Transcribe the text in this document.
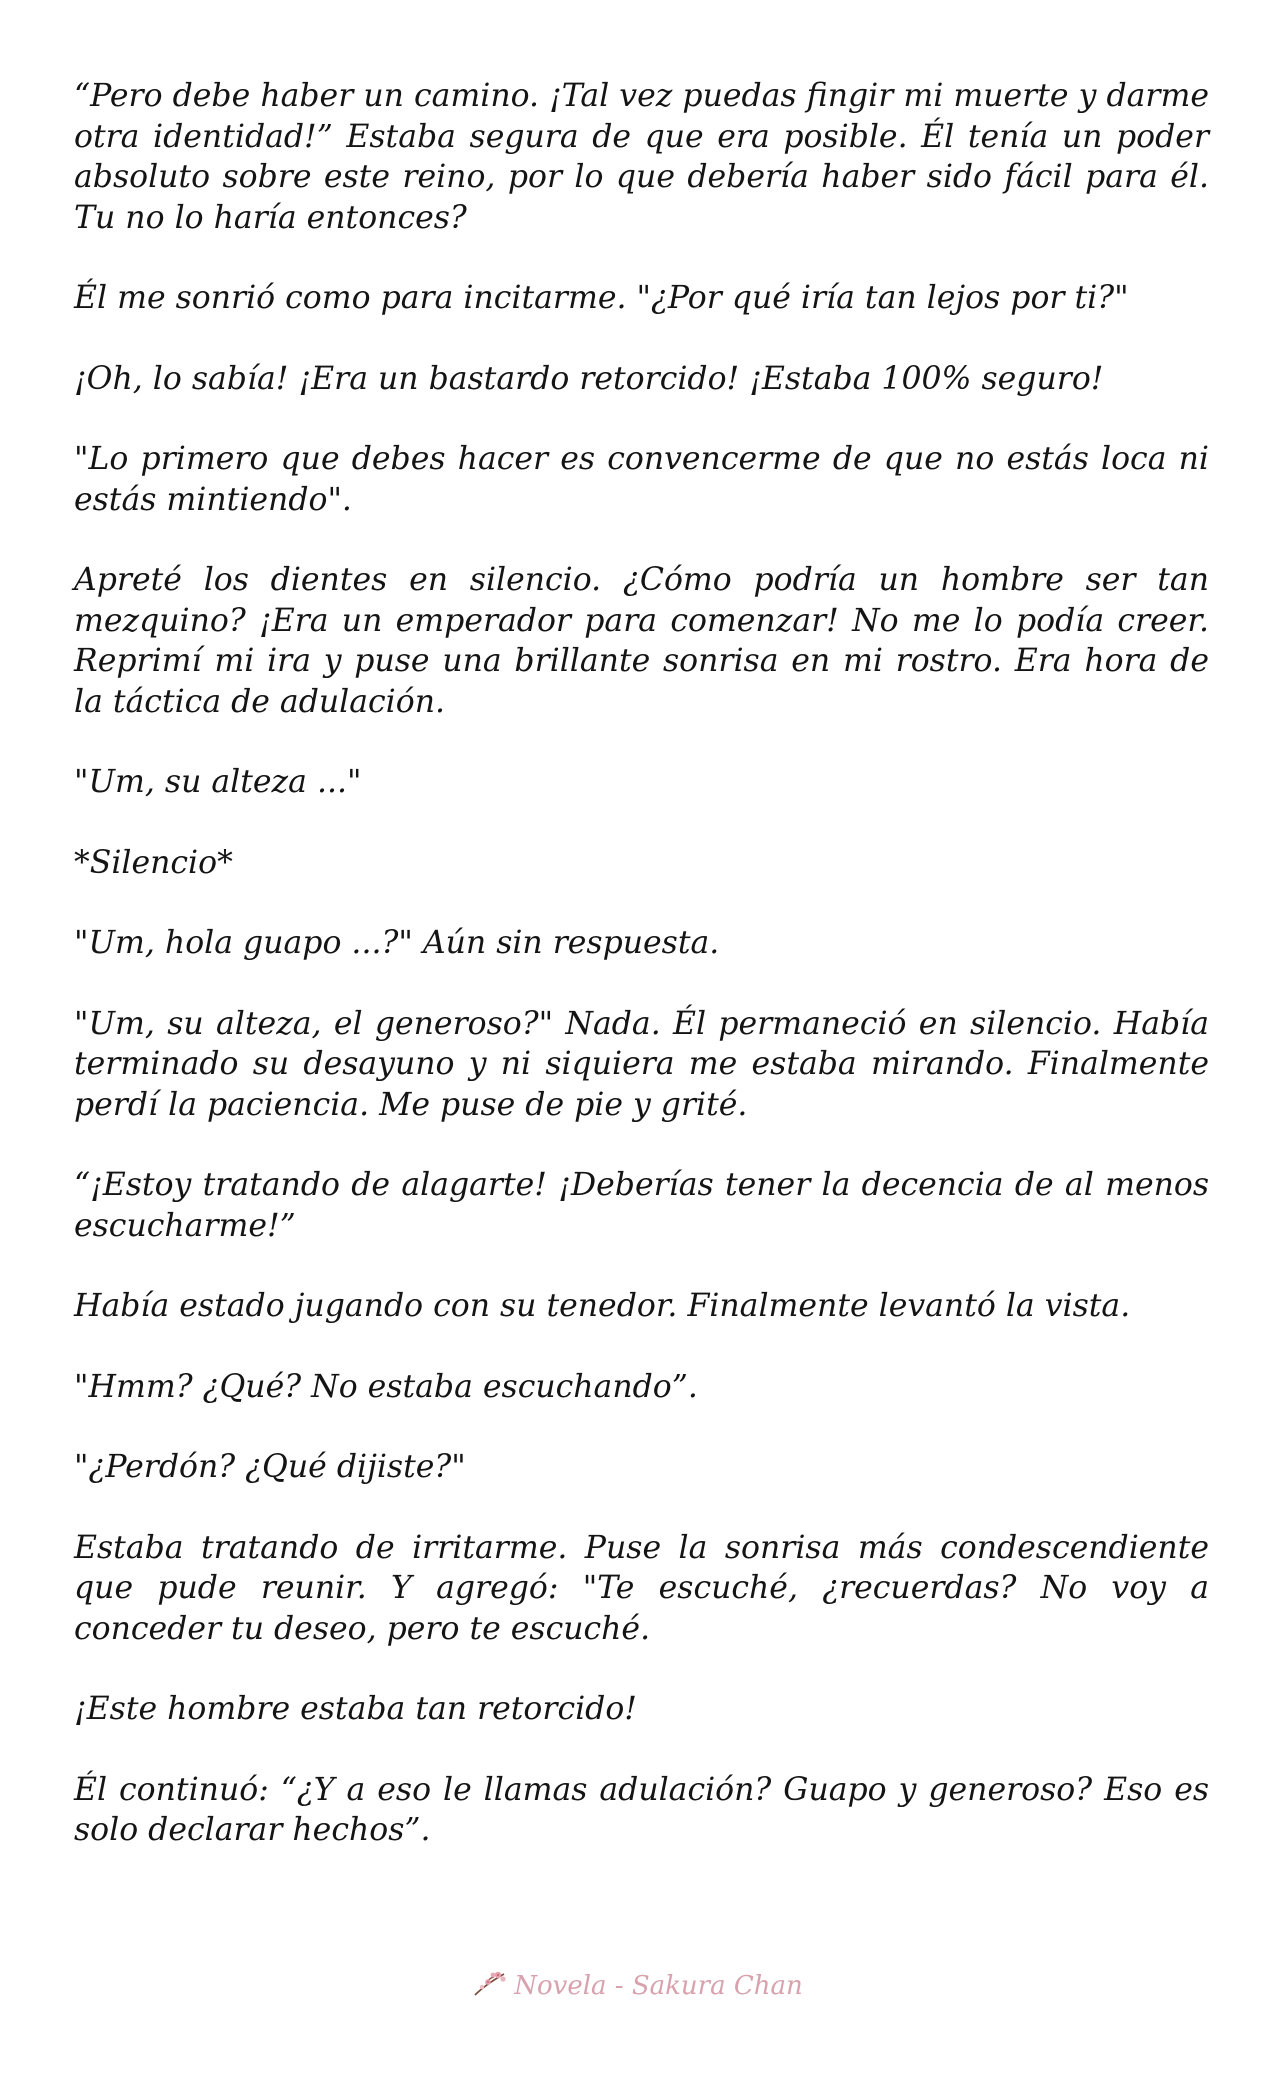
“Pero debe haber un camino. ¡Tal vez puedas fingir mi muerte y darme otra identidad!” Estaba segura de que era posible. Él tenía un poder absoluto sobre este reino, por lo que debería haber sido fácil para él. Tu no lo haría entonces?

Él me sonrió como para incitarme. "¿Por qué iría tan lejos por ti?"

¡Oh, lo sabía! ¡Era un bastardo retorcido! ¡Estaba 100% seguro!

"Lo primero que debes hacer es convencerme de que no estás loca ni estás mintiendo".

Apreté los dientes en silencio. ¿Cómo podría un hombre ser tan mezquino? ¡Era un emperador para comenzar! No me lo podía creer. Reprimí mi ira y puse una brillante sonrisa en mi rostro. Era hora de la táctica de adulación.

"Um, su alteza ..."

*Silencio*

"Um, hola guapo ...?" Aún sin respuesta.

"Um, su alteza, el generoso?" Nada. Él permaneció en silencio. Había terminado su desayuno y ni siquiera me estaba mirando. Finalmente perdí la paciencia. Me puse de pie y grité.

“¡Estoy tratando de alagarte! ¡Deberías tener la decencia de al menos escucharme!”

Había estado jugando con su tenedor. Finalmente levantó la vista.

"Hmm? ¿Qué? No estaba escuchando”.

"¿Perdón? ¿Qué dijiste?"

Estaba tratando de irritarme. Puse la sonrisa más condescendiente que pude reunir. Y agregó: "Te escuché, ¿recuerdas? No voy a conceder tu deseo, pero te escuché.

¡Este hombre estaba tan retorcido!

Él continuó: “¿Y a eso le llamas adulación? Guapo y generoso? Eso es solo declarar hechos”.

Novela - Sakura Chan
